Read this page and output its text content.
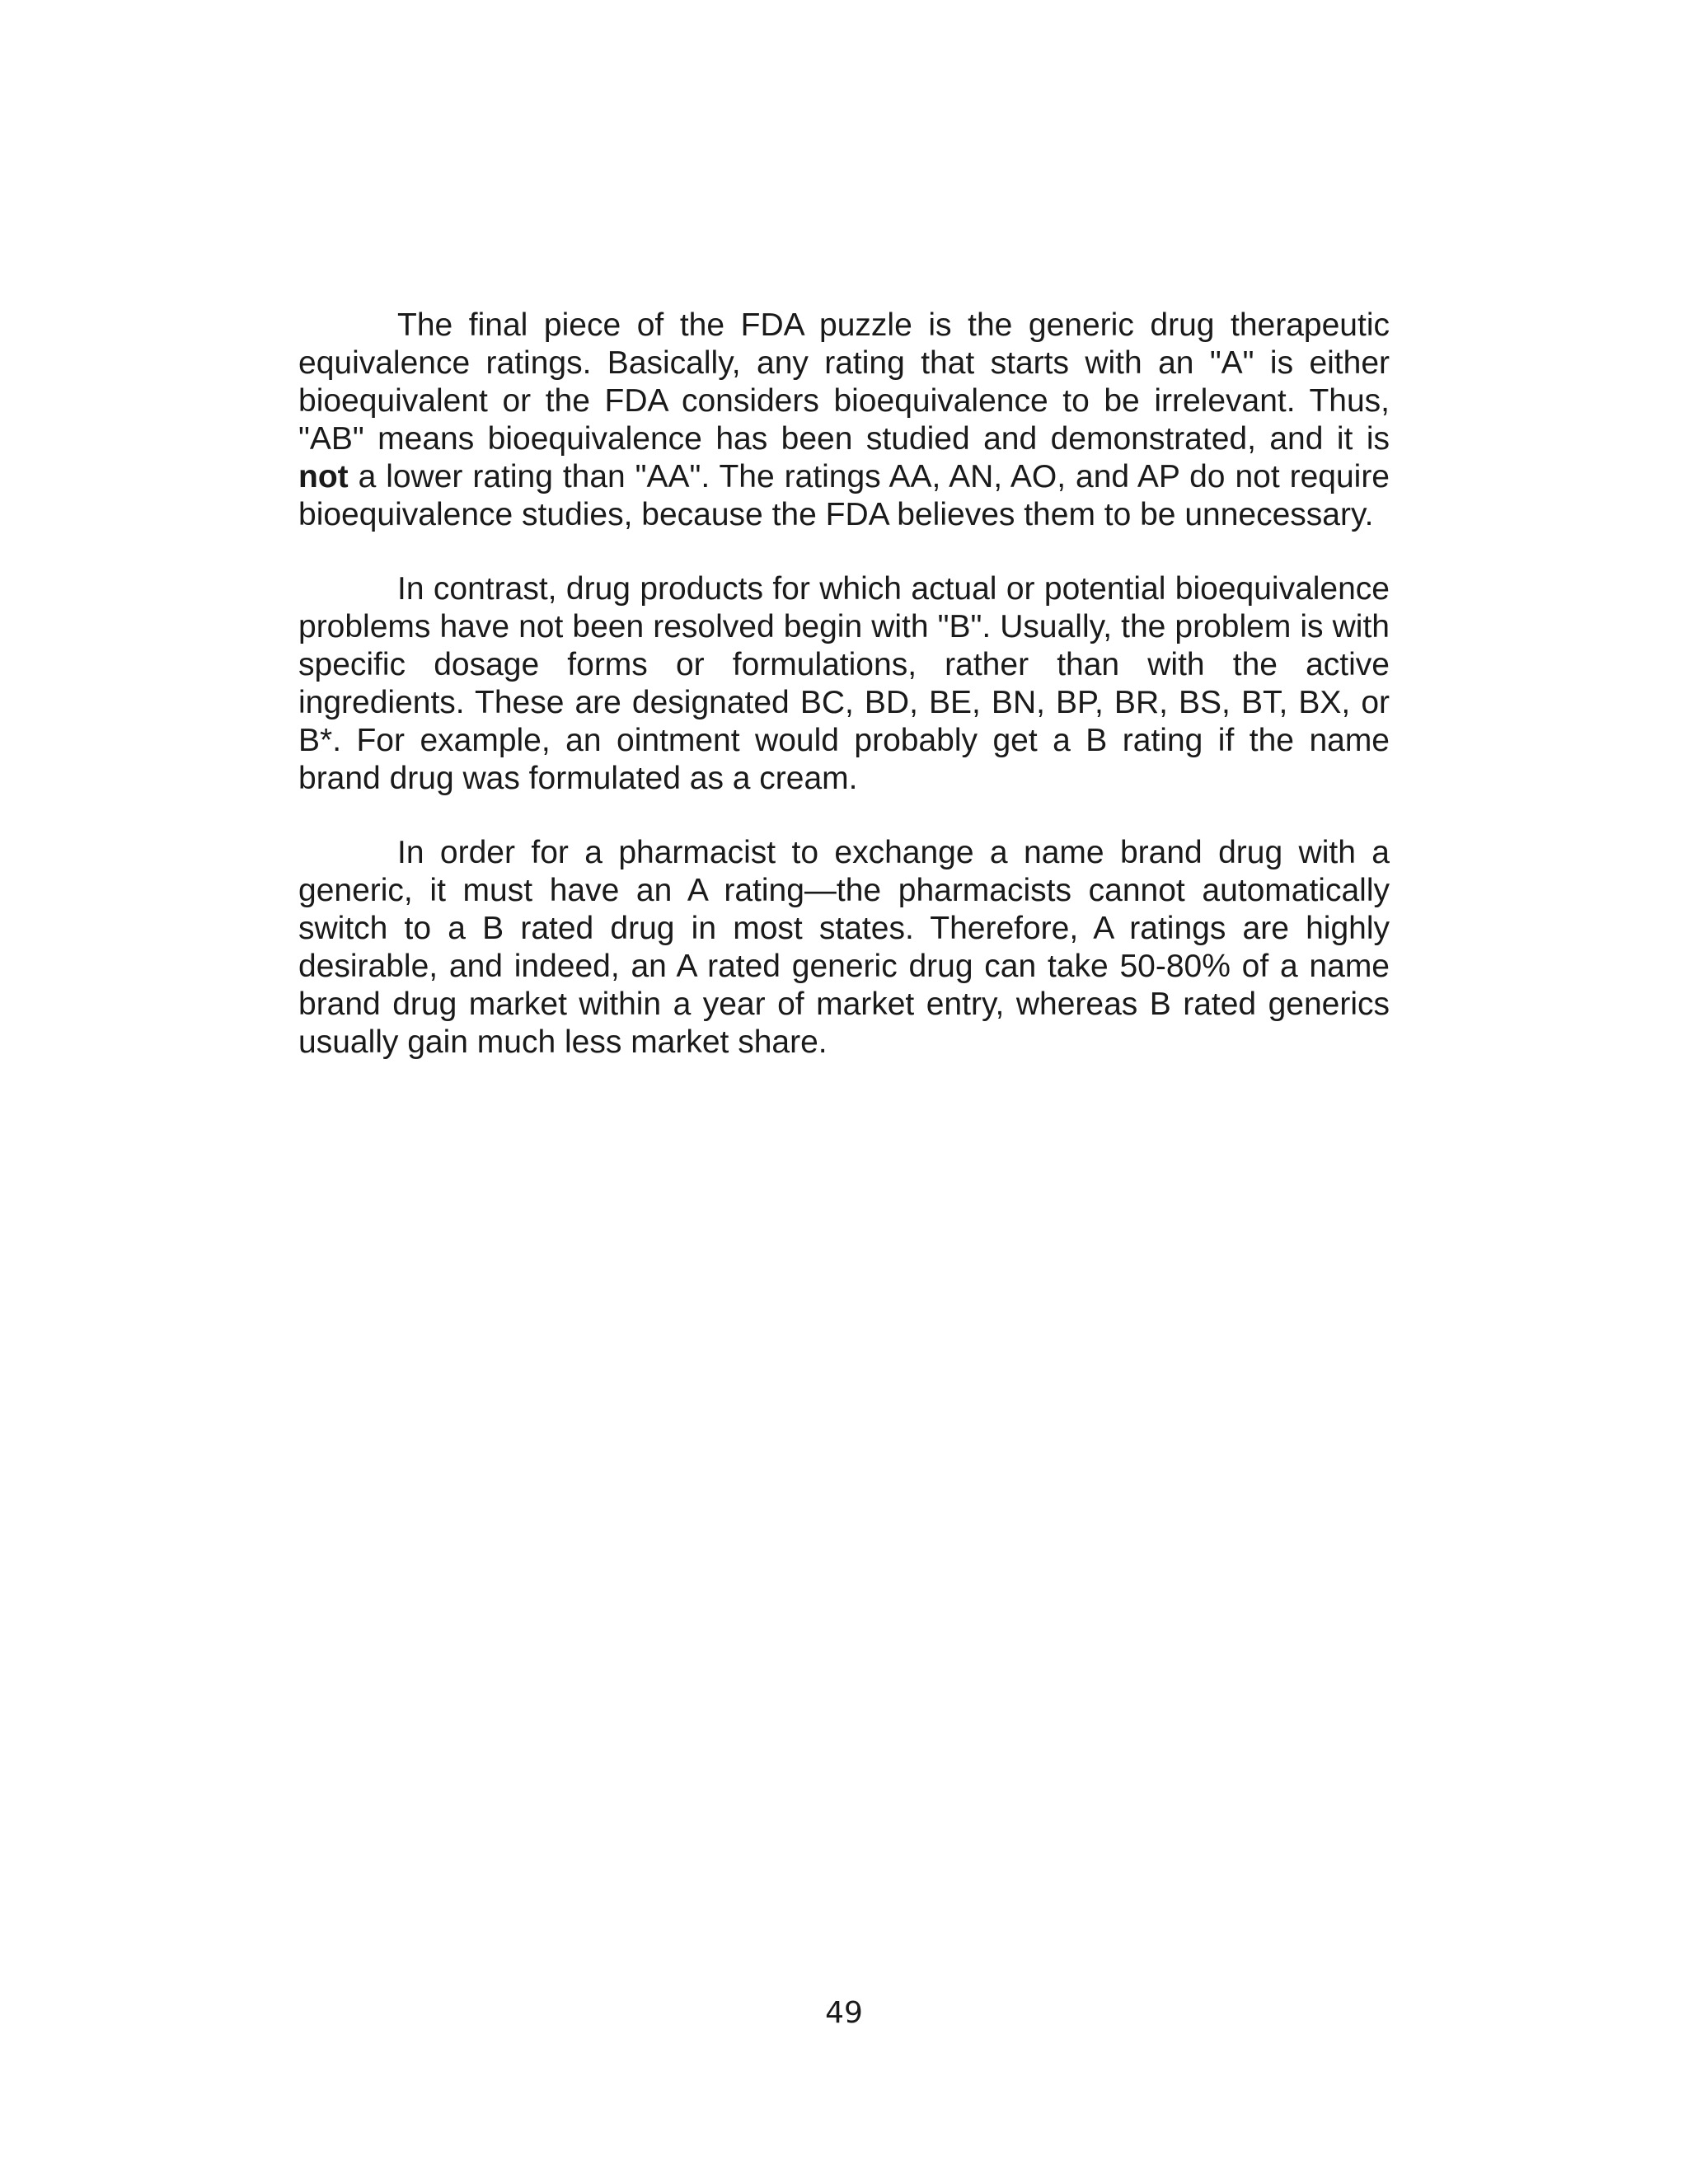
The final piece of the FDA puzzle is the generic drug therapeutic equivalence ratings. Basically, any rating that starts with an "A" is either bioequivalent or the FDA considers bioequivalence to be irrelevant. Thus, "AB" means bioequivalence has been studied and demonstrated, and it is not a lower rating than "AA". The ratings AA, AN, AO, and AP do not require bioequivalence studies, because the FDA believes them to be unnecessary.

In contrast, drug products for which actual or potential bioequivalence problems have not been resolved begin with "B". Usually, the problem is with specific dosage forms or formulations, rather than with the active ingredients. These are designated BC, BD, BE, BN, BP, BR, BS, BT, BX, or B*. For example, an ointment would probably get a B rating if the name brand drug was formulated as a cream.

In order for a pharmacist to exchange a name brand drug with a generic, it must have an A rating—the pharmacists cannot automatically switch to a B rated drug in most states. Therefore, A ratings are highly desirable, and indeed, an A rated generic drug can take 50-80% of a name brand drug market within a year of market entry, whereas B rated generics usually gain much less market share.

49
